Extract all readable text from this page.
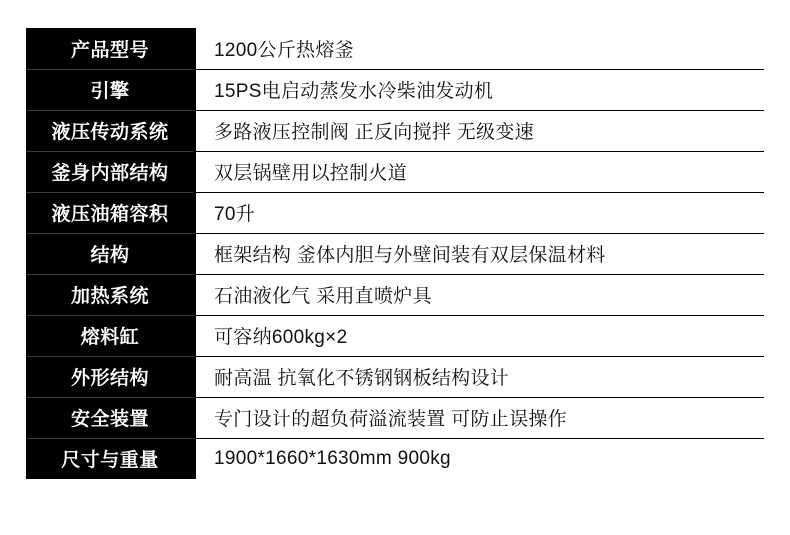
产品型号	1200公斤热熔釜
引擎	15PS电启动蒸发水冷柴油发动机
液压传动系统	多路液压控制阀 正反向搅拌 无级变速
釜身内部结构	双层锅壁用以控制火道
液压油箱容积	70升
结构	框架结构 釜体内胆与外壁间装有双层保温材料
加热系统	石油液化气 采用直喷炉具
熔料缸	可容纳600kg×2
外形结构	耐高温 抗氧化不锈钢钢板结构设计
安全装置	专门设计的超负荷溢流装置 可防止误操作
尺寸与重量	1900*1660*1630mm 900kg
